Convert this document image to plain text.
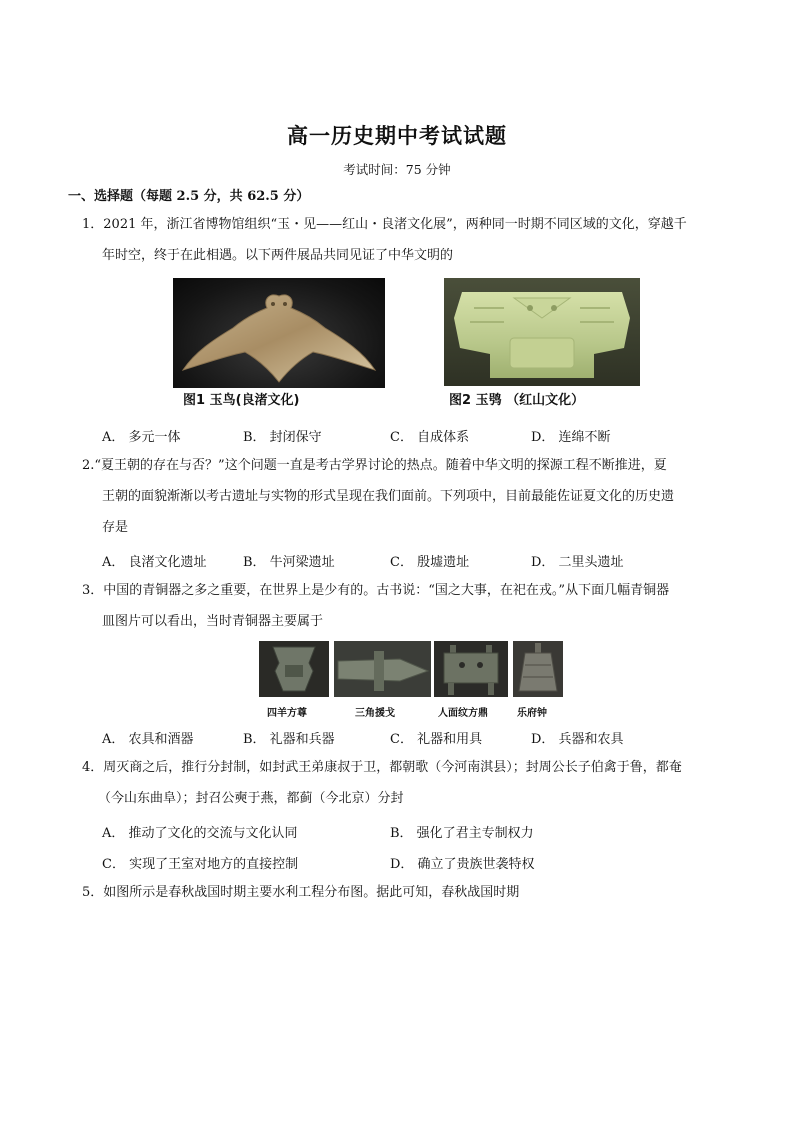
高一历史期中考试试题
考试时间：75 分钟
一、选择题（每题 2.5 分，共 62.5 分）
1．2021 年，浙江省博物馆组织“玉・见——红山・良渚文化展”，两种同一时期不同区域的文化，穿越千
年时空，终于在此相遇。以下两件展品共同见证了中华文明的
图1 玉鸟(良渚文化)	图2 玉鸮 （红山文化）
A． 多元一体	B． 封闭保守	C． 自成体系	D． 连绵不断
2.“夏王朝的存在与否？”这个问题一直是考古学界讨论的热点。随着中华文明的探源工程不断推进，夏
王朝的面貌渐渐以考古遗址与实物的形式呈现在我们面前。下列项中，目前最能佐证夏文化的历史遗
存是
A． 良渚文化遗址	B． 牛河梁遗址	C． 殷墟遗址	D． 二里头遗址
3．中国的青铜器之多之重要，在世界上是少有的。古书说：“国之大事，在祀在戎。”从下面几幅青铜器
皿图片可以看出，当时青铜器主要属于
四羊方尊	三角援戈	人面纹方鼎	乐府钟
A． 农具和酒器	B． 礼器和兵器	C． 礼器和用具	D． 兵器和农具
4．周灭商之后，推行分封制，如封武王弟康叔于卫，都朝歌（今河南淇县）；封周公长子伯禽于鲁，都奄
（今山东曲阜）；封召公奭于燕，都蓟（今北京）分封
A． 推动了文化的交流与文化认同	B． 强化了君主专制权力
C． 实现了王室对地方的直接控制	D． 确立了贵族世袭特权
5．如图所示是春秋战国时期主要水利工程分布图。据此可知，春秋战国时期
